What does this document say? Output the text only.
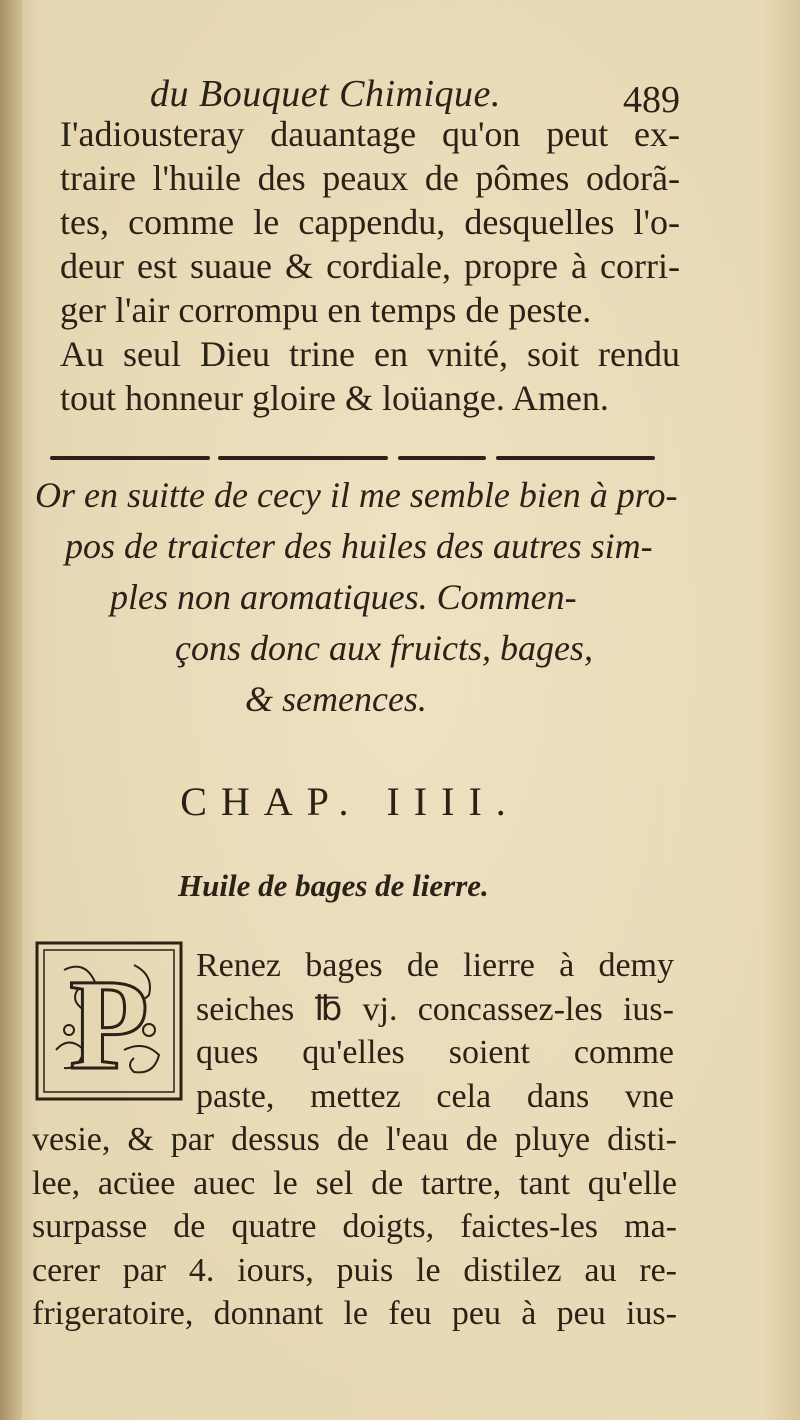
du Bouquet Chimique.	489
I'adiousteray dauantage qu'on peut ex-
traire l'huile des peaux de pômes odorã-
tes, comme le cappendu, desquelles l'o-
deur est suaue & cordiale, propre à corri-
ger l'air corrompu en temps de peste.
Au seul Dieu trine en vnité, soit rendu
tout honneur gloire & loüange. Amen.
Or en suitte de cecy il me semble bien à pro-
pos de traicter des huiles des autres sim-
ples non aromatiques. Commen-
çons donc aux fruicts, bages,
& semences.
CHAP. IIII.
Huile de bages de lierre.
P Renez bages de lierre à demy
seiches ℔ vj. concassez-les ius-
ques qu'elles soient comme
paste, mettez cela dans vne
vesie, & par dessus de l'eau de pluye disti-
lee, acüee auec le sel de tartre, tant qu'elle
surpasse de quatre doigts, faictes-les ma-
cerer par 4. iours, puis le distilez au re-
frigeratoire, donnant le feu peu à peu ius-
